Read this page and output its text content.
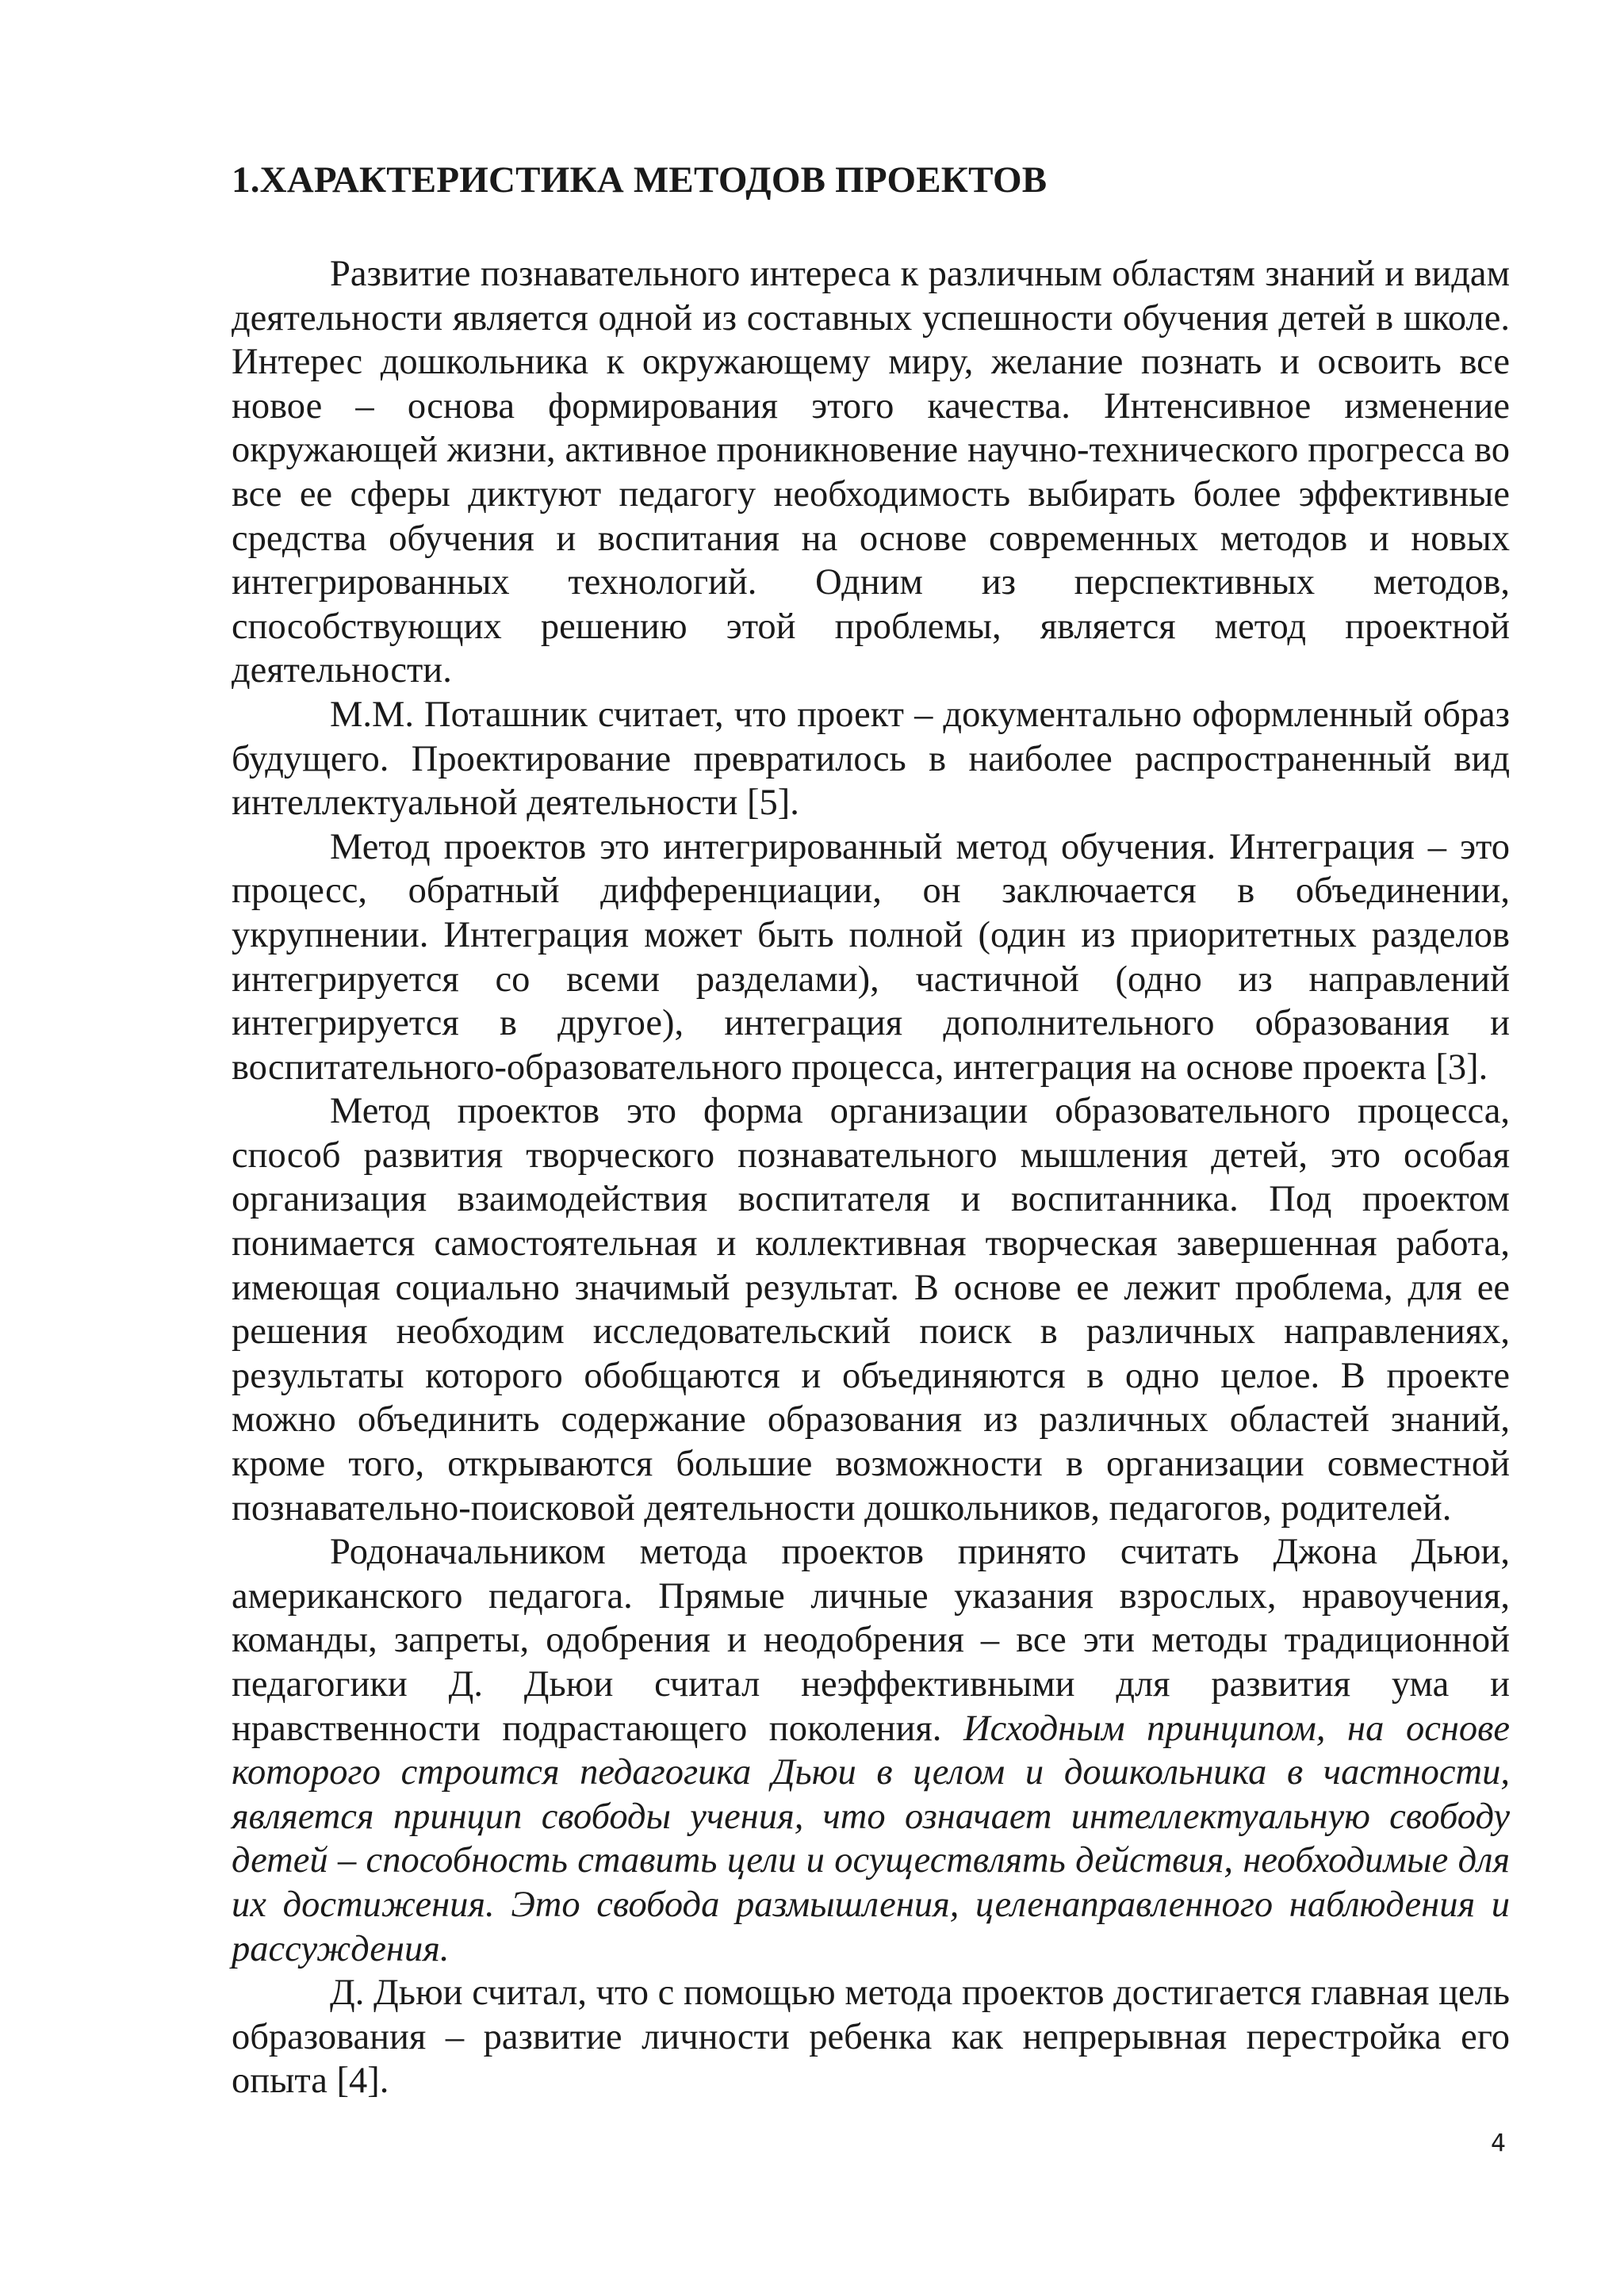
1.ХАРАКТЕРИСТИКА МЕТОДОВ ПРОЕКТОВ

Развитие познавательного интереса к различным областям знаний и видам деятельности является одной из составных успешности обучения детей в школе. Интерес дошкольника к окружающему миру, желание познать и освоить все новое – основа формирования этого качества. Интенсивное изменение окружающей жизни, активное проникновение научно-технического прогресса во все ее сферы диктуют педагогу необходимость выбирать более эффективные средства обучения и воспитания на основе современных методов и новых интегрированных технологий. Одним из перспективных методов, способствующих решению этой проблемы, является метод проектной деятельности.

М.М. Поташник считает, что проект – документально оформленный образ будущего. Проектирование превратилось в наиболее распространенный вид интеллектуальной деятельности [5].

Метод проектов это интегрированный метод обучения. Интеграция – это процесс, обратный дифференциации, он заключается в объединении, укрупнении. Интеграция может быть полной (один из приоритетных разделов интегрируется со всеми разделами), частичной (одно из направлений интегрируется в другое), интеграция дополнительного образования и воспитательного-образовательного процесса, интеграция на основе проекта [3].

Метод проектов это форма организации образовательного процесса, способ развития творческого познавательного мышления детей, это особая организация взаимодействия воспитателя и воспитанника. Под проектом понимается самостоятельная и коллективная творческая завершенная работа, имеющая социально значимый результат. В основе ее лежит проблема, для ее решения необходим исследовательский поиск в различных направлениях, результаты которого обобщаются и объединяются в одно целое. В проекте можно объединить содержание образования из различных областей знаний, кроме того, открываются большие возможности в организации совместной познавательно-поисковой деятельности дошкольников, педагогов, родителей.

Родоначальником метода проектов принято считать Джона Дьюи, американского педагога. Прямые личные указания взрослых, нравоучения, команды, запреты, одобрения и неодобрения – все эти методы традиционной педагогики Д. Дьюи считал неэффективными для развития ума и нравственности подрастающего поколения. Исходным принципом, на основе которого строится педагогика Дьюи в целом и дошкольника в частности, является принцип свободы учения, что означает интеллектуальную свободу детей – способность ставить цели и осуществлять действия, необходимые для их достижения. Это свобода размышления, целенаправленного наблюдения и рассуждения.

Д. Дьюи считал, что с помощью метода проектов достигается главная цель образования – развитие личности ребенка как непрерывная перестройка его опыта [4].

4
